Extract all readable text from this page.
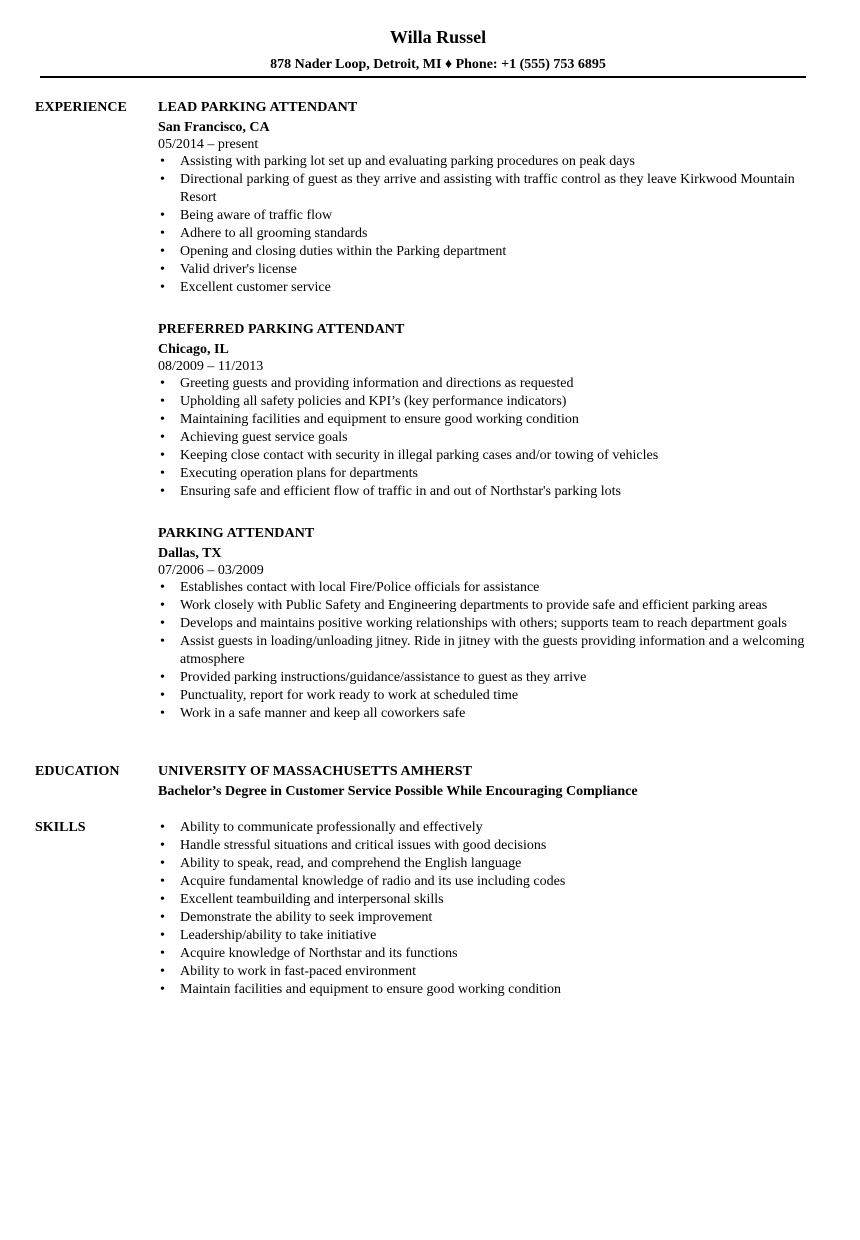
Willa Russel
878 Nader Loop, Detroit, MI ♦ Phone: +1 (555) 753 6895
EXPERIENCE LEAD PARKING ATTENDANT
San Francisco, CA
05/2014 – present
• Assisting with parking lot set up and evaluating parking procedures on peak days
• Directional parking of guest as they arrive and assisting with traffic control as they leave Kirkwood Mountain Resort
• Being aware of traffic flow
• Adhere to all grooming standards
• Opening and closing duties within the Parking department
• Valid driver's license
• Excellent customer service
PREFERRED PARKING ATTENDANT
Chicago, IL
08/2009 – 11/2013
• Greeting guests and providing information and directions as requested
• Upholding all safety policies and KPI’s (key performance indicators)
• Maintaining facilities and equipment to ensure good working condition
• Achieving guest service goals
• Keeping close contact with security in illegal parking cases and/or towing of vehicles
• Executing operation plans for departments
• Ensuring safe and efficient flow of traffic in and out of Northstar's parking lots
PARKING ATTENDANT
Dallas, TX
07/2006 – 03/2009
• Establishes contact with local Fire/Police officials for assistance
• Work closely with Public Safety and Engineering departments to provide safe and efficient parking areas
• Develops and maintains positive working relationships with others; supports team to reach department goals
• Assist guests in loading/unloading jitney. Ride in jitney with the guests providing information and a welcoming atmosphere
• Provided parking instructions/guidance/assistance to guest as they arrive
• Punctuality, report for work ready to work at scheduled time
• Work in a safe manner and keep all coworkers safe
EDUCATION	UNIVERSITY OF MASSACHUSETTS AMHERST
Bachelor’s Degree in Customer Service Possible While Encouraging Compliance
SKILLS
•	Ability to communicate professionally and effectively
• Handle stressful situations and critical issues with good decisions
• Ability to speak, read, and comprehend the English language
• Acquire fundamental knowledge of radio and its use including codes
• Excellent teambuilding and interpersonal skills
• Demonstrate the ability to seek improvement
• Leadership/ability to take initiative
• Acquire knowledge of Northstar and its functions
• Ability to work in fast-paced environment
• Maintain facilities and equipment to ensure good working condition
